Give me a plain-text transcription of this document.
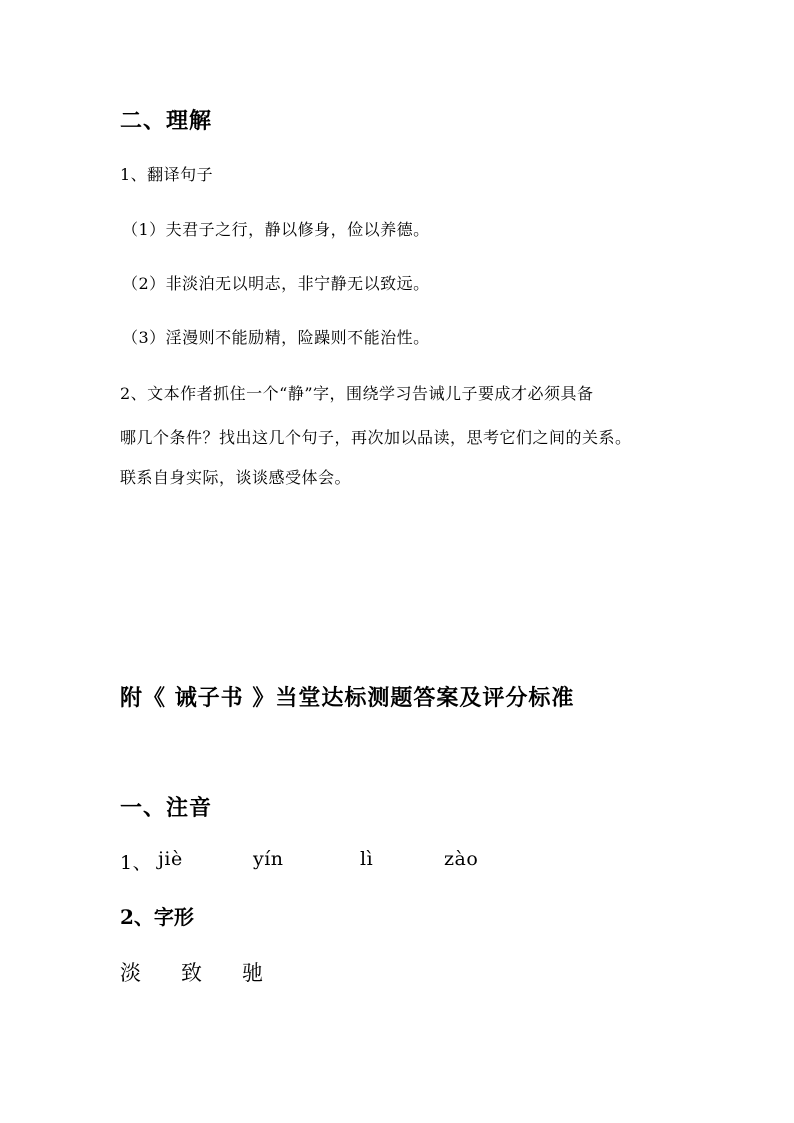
二、理解
1、翻译句子
（1）夫君子之行，静以修身，俭以养德。
（2）非淡泊无以明志，非宁静无以致远。
（3）淫漫则不能励精，险躁则不能治性。
2、文本作者抓住一个“静”字，围绕学习告诫儿子要成才必须具备
哪几个条件？找出这几个句子，再次加以品读，思考它们之间的关系。
联系自身实际，谈谈感受体会。
附《 诫子书 》当堂达标测题答案及评分标准
一、注音
1、 jiè	yín	lì	zào
2、字形
淡 致 驰
